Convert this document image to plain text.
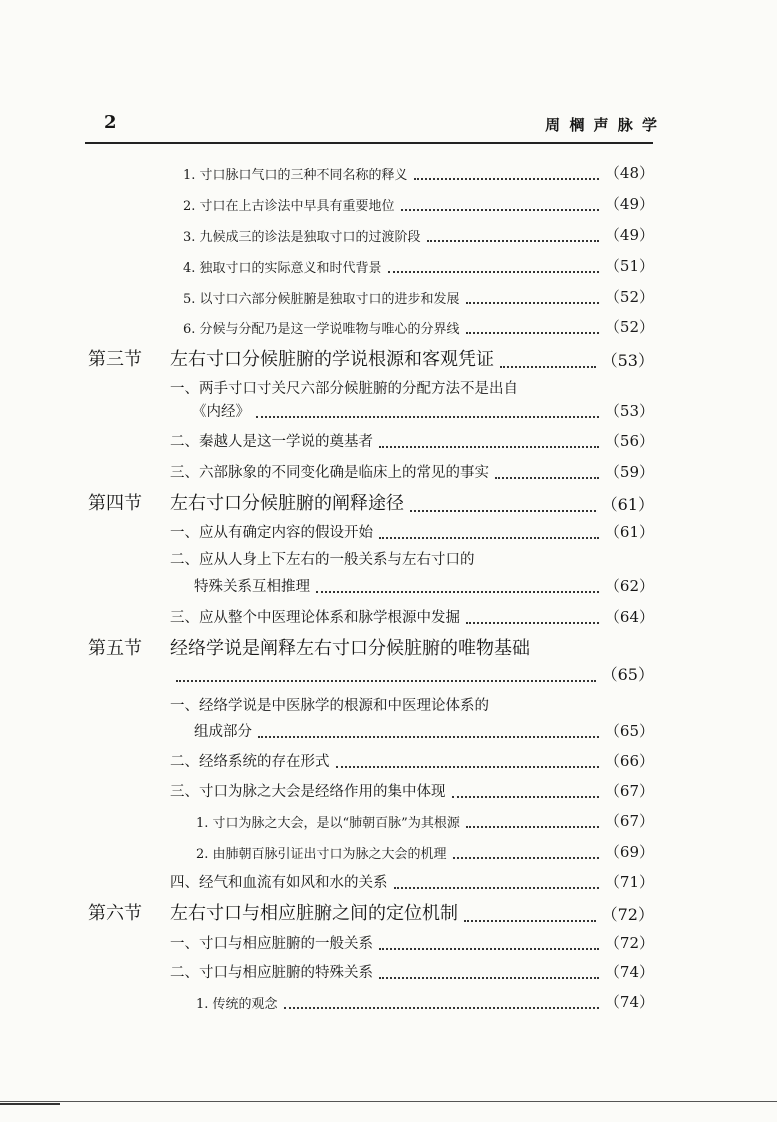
2	周 棡 声 脉 学
1. 寸口脉口气口的三种不同名称的释义	（48）
2. 寸口在上古诊法中早具有重要地位	（49）
3. 九候成三的诊法是独取寸口的过渡阶段	（49）
4. 独取寸口的实际意义和时代背景	（51）
5. 以寸口六部分候脏腑是独取寸口的进步和发展	（52）
6. 分候与分配乃是这一学说唯物与唯心的分界线	（52）
第三节 左右寸口分候脏腑的学说根源和客观凭证	（53）
一、两手寸口寸关尺六部分候脏腑的分配方法不是出自
《内经》	（53）
二、秦越人是这一学说的奠基者	（56）
三、六部脉象的不同变化确是临床上的常见的事实	（59）
第四节 左右寸口分候脏腑的阐释途径	（61）
一、应从有确定内容的假设开始	（61）
二、应从人身上下左右的一般关系与左右寸口的
特殊关系互相推理	（62）
三、应从整个中医理论体系和脉学根源中发掘	（64）
第五节 经络学说是阐释左右寸口分候脏腑的唯物基础
（65）
一、经络学说是中医脉学的根源和中医理论体系的
组成部分	（65）
二、经络系统的存在形式	（66）
三、寸口为脉之大会是经络作用的集中体现	（67）
1. 寸口为脉之大会，是以“肺朝百脉”为其根源	（67）
2. 由肺朝百脉引证出寸口为脉之大会的机理	（69）
四、经气和血流有如风和水的关系	（71）
第六节 左右寸口与相应脏腑之间的定位机制	（72）
一、寸口与相应脏腑的一般关系	（72）
二、寸口与相应脏腑的特殊关系	（74）
1. 传统的观念	（74）
